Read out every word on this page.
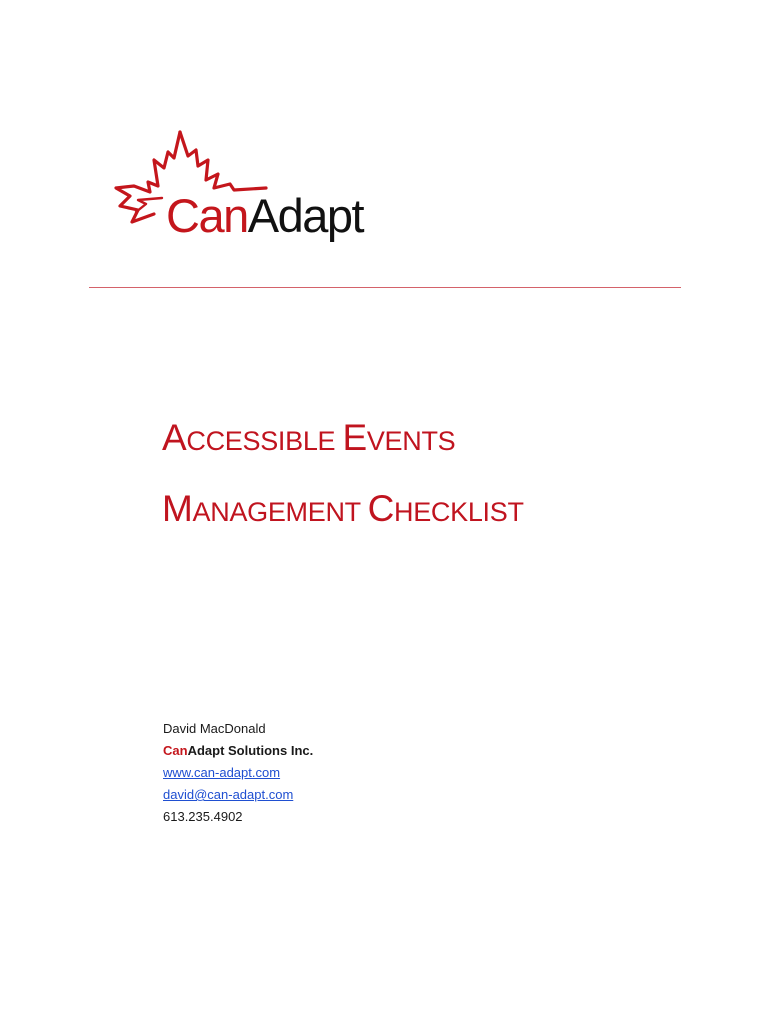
CanAdapt
ACCESSIBLE EVENTS
MANAGEMENT CHECKLIST
David MacDonald
CanAdapt Solutions Inc.
www.can-adapt.com
david@can-adapt.com
613.235.4902
